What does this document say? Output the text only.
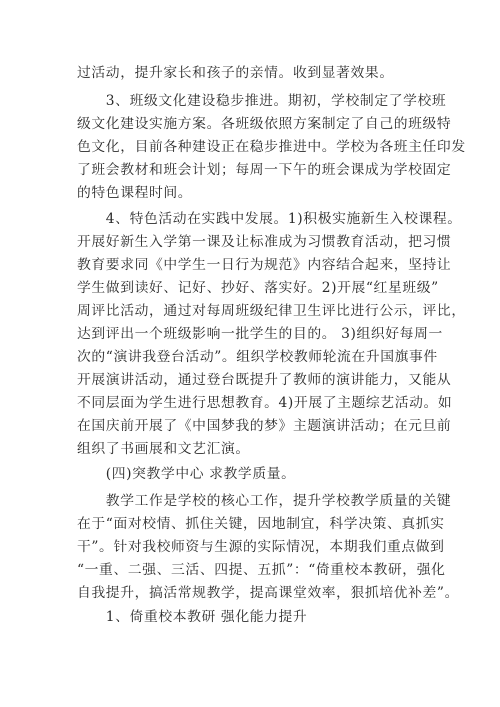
过活动，提升家长和孩子的亲情。收到显著效果。
　　3、班级文化建设稳步推进。期初，学校制定了学校班
级文化建设实施方案。各班级依照方案制定了自己的班级特
色文化，目前各种建设正在稳步推进中。学校为各班主任印发
了班会教材和班会计划；每周一下午的班会课成为学校固定
的特色课程时间。
　　4、特色活动在实践中发展。1)积极实施新生入校课程。
开展好新生入学第一课及让标准成为习惯教育活动，把习惯
教育要求同《中学生一日行为规范》内容结合起来，坚持让
学生做到读好、记好、抄好、落实好。2)开展“红星班级”
周评比活动，通过对每周班级纪律卫生评比进行公示，评比，
达到评出一个班级影响一批学生的目的。 3)组织好每周一
次的“演讲我登台活动”。组织学校教师轮流在升国旗事件
开展演讲活动，通过登台既提升了教师的演讲能力，又能从
不同层面为学生进行思想教育。4)开展了主题综艺活动。如
在国庆前开展了《中国梦我的梦》主题演讲活动；在元旦前
组织了书画展和文艺汇演。
　　(四)突教学中心 求教学质量。
　　教学工作是学校的核心工作，提升学校教学质量的关键
在于“面对校情、抓住关键，因地制宜，科学决策、真抓实
干”。针对我校师资与生源的实际情况，本期我们重点做到
“一重、二强、三活、四提、五抓”：“倚重校本教研，强化
自我提升，搞活常规教学，提高课堂效率，狠抓培优补差”。
　　1、倚重校本教研 强化能力提升
